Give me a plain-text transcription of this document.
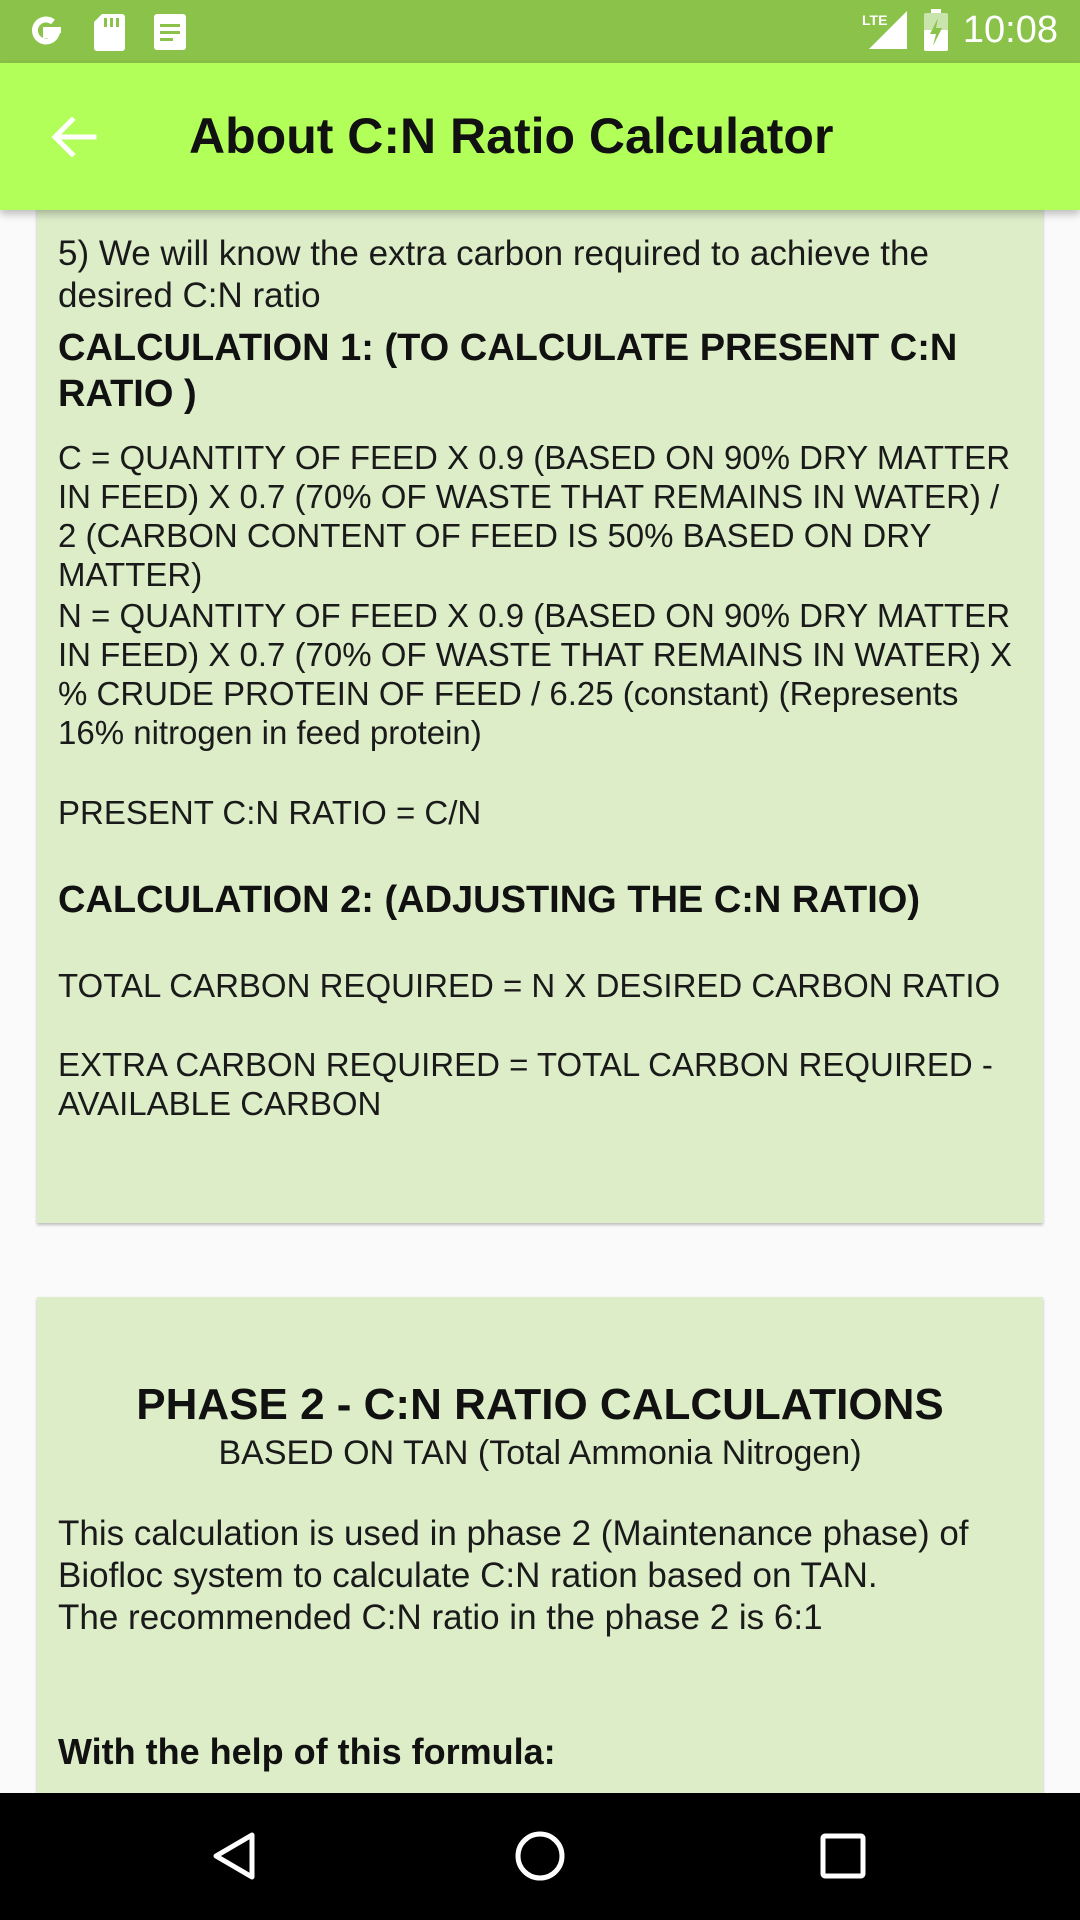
LTE 10:08
About C:N Ratio Calculator
5) We will know the extra carbon required to achieve the desired C:N ratio
CALCULATION 1: (TO CALCULATE PRESENT C:N RATIO )
C = QUANTITY OF FEED X 0.9 (BASED ON 90% DRY MATTER IN FEED) X 0.7 (70% OF WASTE THAT REMAINS IN WATER) / 2 (CARBON CONTENT OF FEED IS 50% BASED ON DRY MATTER)
N = QUANTITY OF FEED X 0.9 (BASED ON 90% DRY MATTER IN FEED) X 0.7 (70% OF WASTE THAT REMAINS IN WATER) X % CRUDE PROTEIN OF FEED / 6.25 (constant) (Represents 16% nitrogen in feed protein)
PRESENT C:N RATIO = C/N
CALCULATION 2: (ADJUSTING THE C:N RATIO)
TOTAL CARBON REQUIRED = N X DESIRED CARBON RATIO
EXTRA CARBON REQUIRED = TOTAL CARBON REQUIRED - AVAILABLE CARBON
PHASE 2 - C:N RATIO CALCULATIONS
BASED ON TAN (Total Ammonia Nitrogen)
This calculation is used in phase 2 (Maintenance phase) of Biofloc system to calculate C:N ration based on TAN.
The recommended C:N ratio in the phase 2 is 6:1
With the help of this formula:
